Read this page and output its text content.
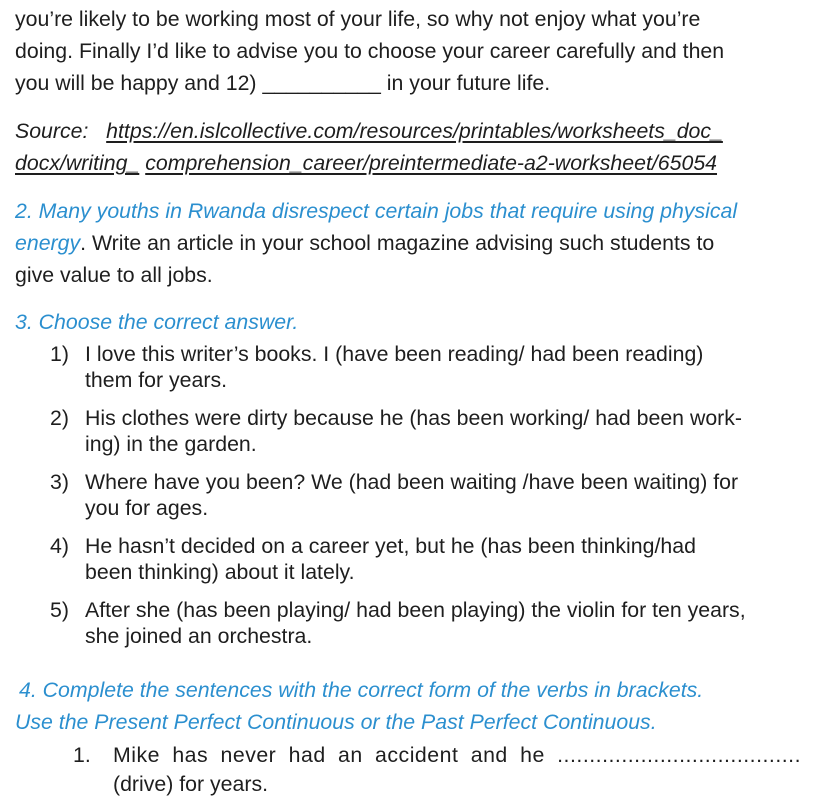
you’re likely to be working most of your life, so why not enjoy what you’re
doing. Finally I’d like to advise you to choose your career carefully and then
you will be happy and 12) __________ in your future life.
Source: https://en.islcollective.com/resources/printables/worksheets_doc_
docx/writing_ comprehension_career/preintermediate-a2-worksheet/65054
2. Many youths in Rwanda disrespect certain jobs that require using physical
energy. Write an article in your school magazine advising such students to
give value to all jobs.
3. Choose the correct answer.
1) I love this writer’s books. I (have been reading/ had been reading)
them for years.
2) His clothes were dirty because he (has been working/ had been work-
ing) in the garden.
3) Where have you been? We (had been waiting /have been waiting) for
you for ages.
4) He hasn’t decided on a career yet, but he (has been thinking/had
been thinking) about it lately.
5) After she (has been playing/ had been playing) the violin for ten years,
she joined an orchestra.
4. Complete the sentences with the correct form of the verbs in brackets.
Use the Present Perfect Continuous or the Past Perfect Continuous.
1. Mike has never had an accident and he ......................................
(drive) for years.
